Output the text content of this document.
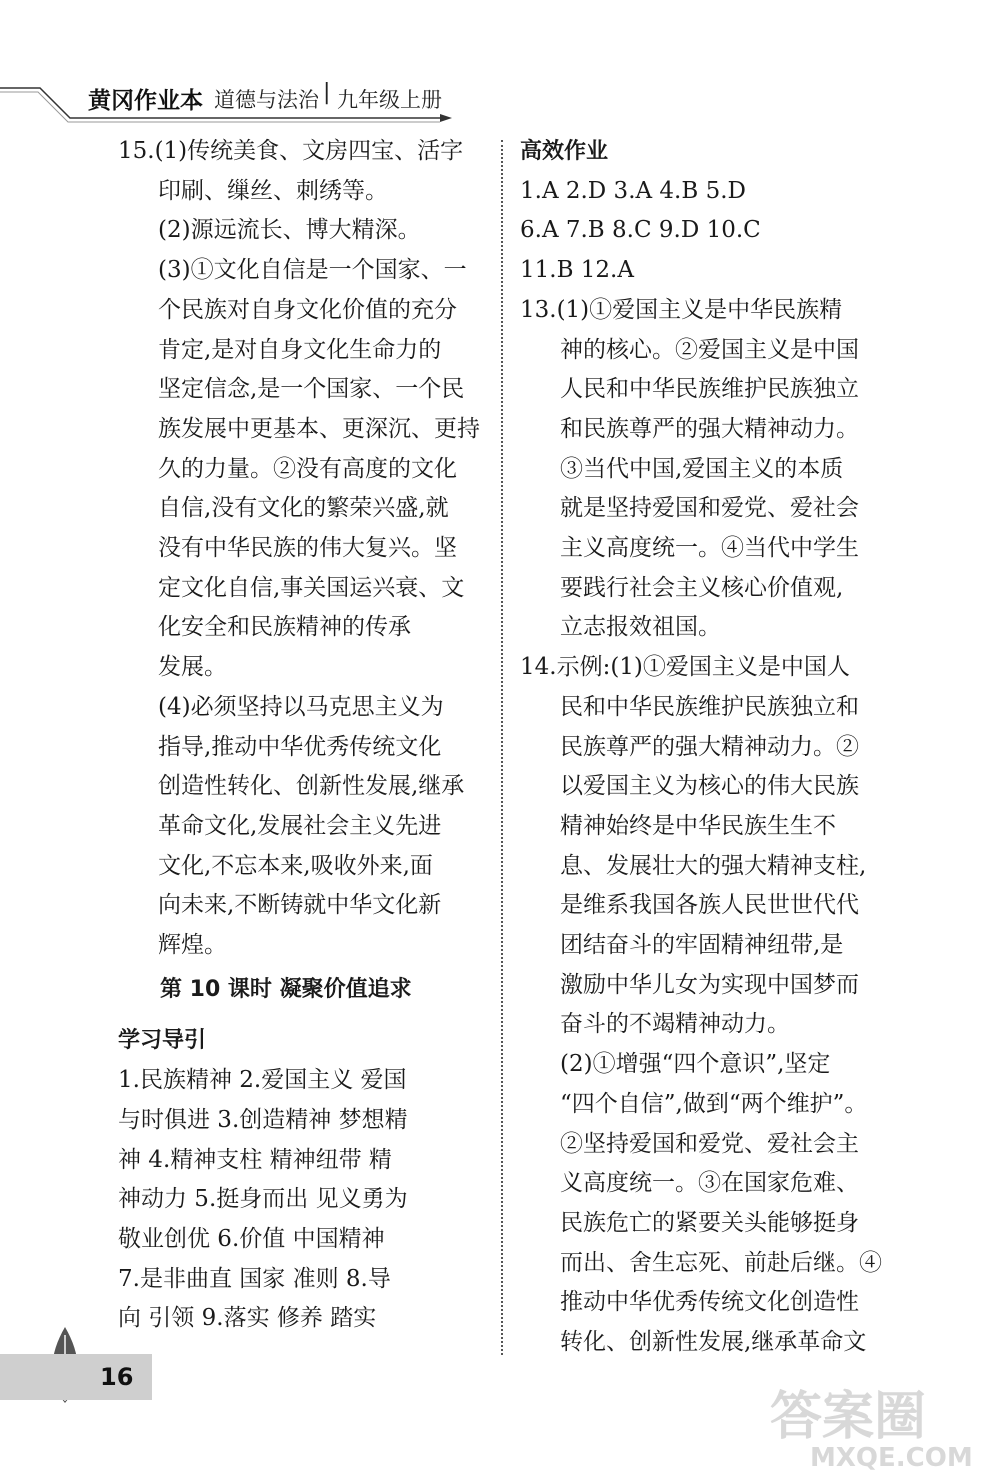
黄冈作业本 道德与法治 | 九年级上册
15.(1)传统美食、文房四宝、活字
印刷、缫丝、刺绣等。
(2)源远流长、博大精深。
(3)①文化自信是一个国家、一
个民族对自身文化价值的充分
肯定,是对自身文化生命力的
坚定信念,是一个国家、一个民
族发展中更基本、更深沉、更持
久的力量。②没有高度的文化
自信,没有文化的繁荣兴盛,就
没有中华民族的伟大复兴。坚
定文化自信,事关国运兴衰、文
化安全和民族精神的传承
发展。
(4)必须坚持以马克思主义为
指导,推动中华优秀传统文化
创造性转化、创新性发展,继承
革命文化,发展社会主义先进
文化,不忘本来,吸收外来,面
向未来,不断铸就中华文化新
辉煌。
第 10 课时 凝聚价值追求
学习导引
1.民族精神 2.爱国主义 爱国
与时俱进 3.创造精神 梦想精
神 4.精神支柱 精神纽带 精
神动力 5.挺身而出 见义勇为
敬业创优 6.价值 中国精神
7.是非曲直 国家 准则 8.导
向 引领 9.落实 修养 踏实
高效作业
1.A 2.D 3.A 4.B 5.D
6.A 7.B 8.C 9.D 10.C
11.B 12.A
13.(1)①爱国主义是中华民族精
神的核心。②爱国主义是中国
人民和中华民族维护民族独立
和民族尊严的强大精神动力。
③当代中国,爱国主义的本质
就是坚持爱国和爱党、爱社会
主义高度统一。④当代中学生
要践行社会主义核心价值观,
立志报效祖国。
14.示例:(1)①爱国主义是中国人
民和中华民族维护民族独立和
民族尊严的强大精神动力。②
以爱国主义为核心的伟大民族
精神始终是中华民族生生不
息、发展壮大的强大精神支柱,
是维系我国各族人民世世代代
团结奋斗的牢固精神纽带,是
激励中华儿女为实现中国梦而
奋斗的不竭精神动力。
(2)①增强“四个意识”,坚定
“四个自信”,做到“两个维护”。
②坚持爱国和爱党、爱社会主
义高度统一。③在国家危难、
民族危亡的紧要关头能够挺身
而出、舍生忘死、前赴后继。④
推动中华优秀传统文化创造性
转化、创新性发展,继承革命文
16
答案圈
MXQE.COM
